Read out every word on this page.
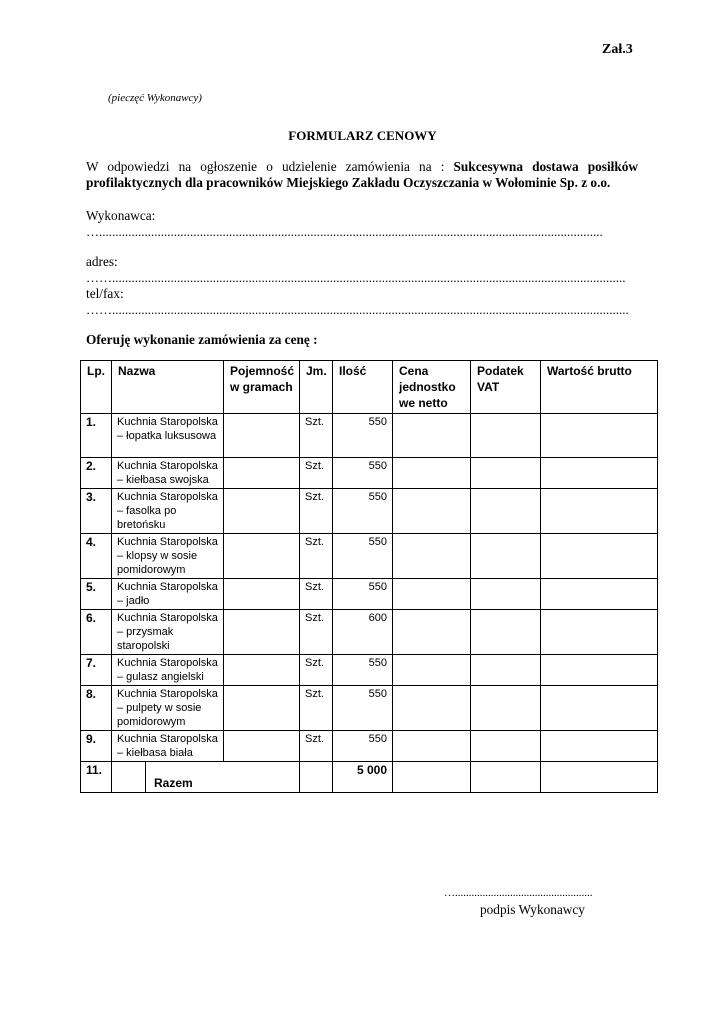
Zał.3
(pieczęć Wykonawcy)
FORMULARZ CENOWY
W odpowiedzi na ogłoszenie o udzielenie zamówienia na : Sukcesywna dostawa posiłków profilaktycznych dla pracowników Miejskiego Zakładu Oczyszczania w Wołominie Sp. z o.o.
Wykonawca:
…...........................................................................................................................................................
adres:
……..............................................................................................................................................................
tel/fax:
……...............................................................................................................................................................
Oferuję wykonanie zamówienia za cenę :
Lp.	Nazwa	Pojemność w gramach	Jm.	Ilość	Cena jednostko we netto	Podatek VAT	Wartość brutto
1.	Kuchnia Staropolska – łopatka luksusowa		Szt.	550			
2.	Kuchnia Staropolska – kiełbasa swojska		Szt.	550			
3.	Kuchnia Staropolska – fasolka po bretońsku		Szt.	550			
4.	Kuchnia Staropolska – klopsy w sosie pomidorowym		Szt.	550			
5.	Kuchnia Staropolska – jadło		Szt.	550			
6.	Kuchnia Staropolska – przysmak staropolski		Szt.	600			
7.	Kuchnia Staropolska – gulasz angielski		Szt.	550			
8.	Kuchnia Staropolska – pulpety w sosie pomidorowym		Szt.	550			
9.	Kuchnia Staropolska – kiełbasa biała		Szt.	550			
11.	Razem			5 000			
…..................................................
podpis Wykonawcy
